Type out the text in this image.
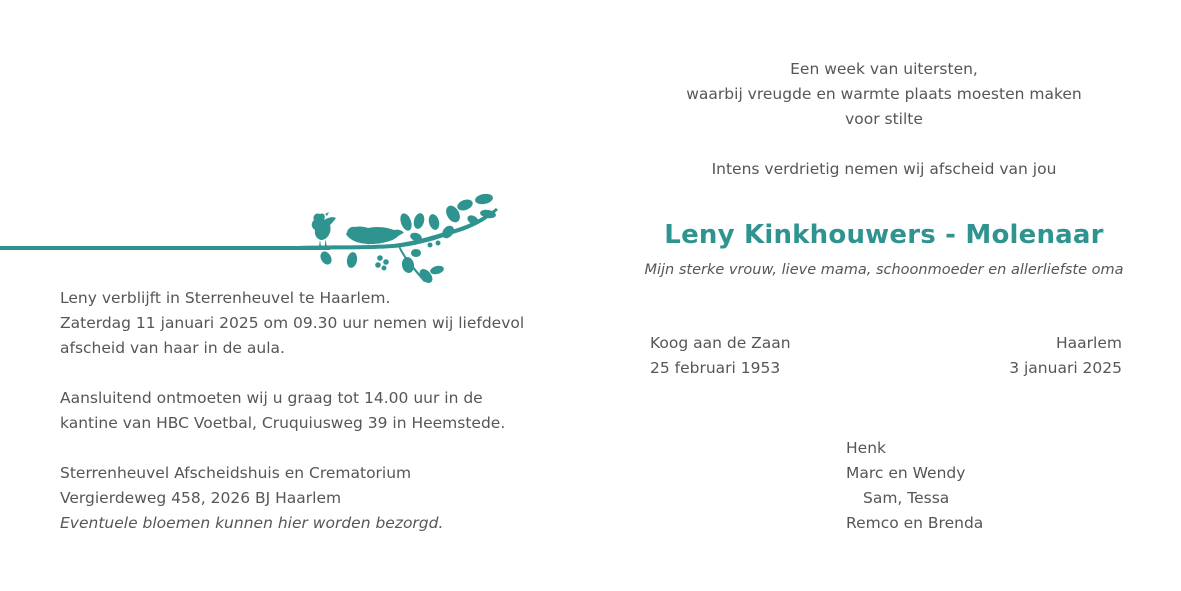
Leny verblijft in Sterrenheuvel te Haarlem.
Zaterdag 11 januari 2025 om 09.30 uur nemen wij liefdevol
afscheid van haar in de aula.
Aansluitend ontmoeten wij u graag tot 14.00 uur in de
kantine van HBC Voetbal, Cruquiusweg 39 in Heemstede.
Sterrenheuvel Afscheidshuis en Crematorium
Vergierdeweg 458, 2026 BJ Haarlem
Eventuele bloemen kunnen hier worden bezorgd.
Een week van uitersten,
waarbij vreugde en warmte plaats moesten maken
voor stilte
Intens verdrietig nemen wij afscheid van jou
Leny Kinkhouwers - Molenaar
Mijn sterke vrouw, lieve mama, schoonmoeder en allerliefste oma
Koog aan de Zaan
25 februari 1953
Haarlem
3 januari 2025
Henk
Marc en Wendy
Sam, Tessa
Remco en Brenda
